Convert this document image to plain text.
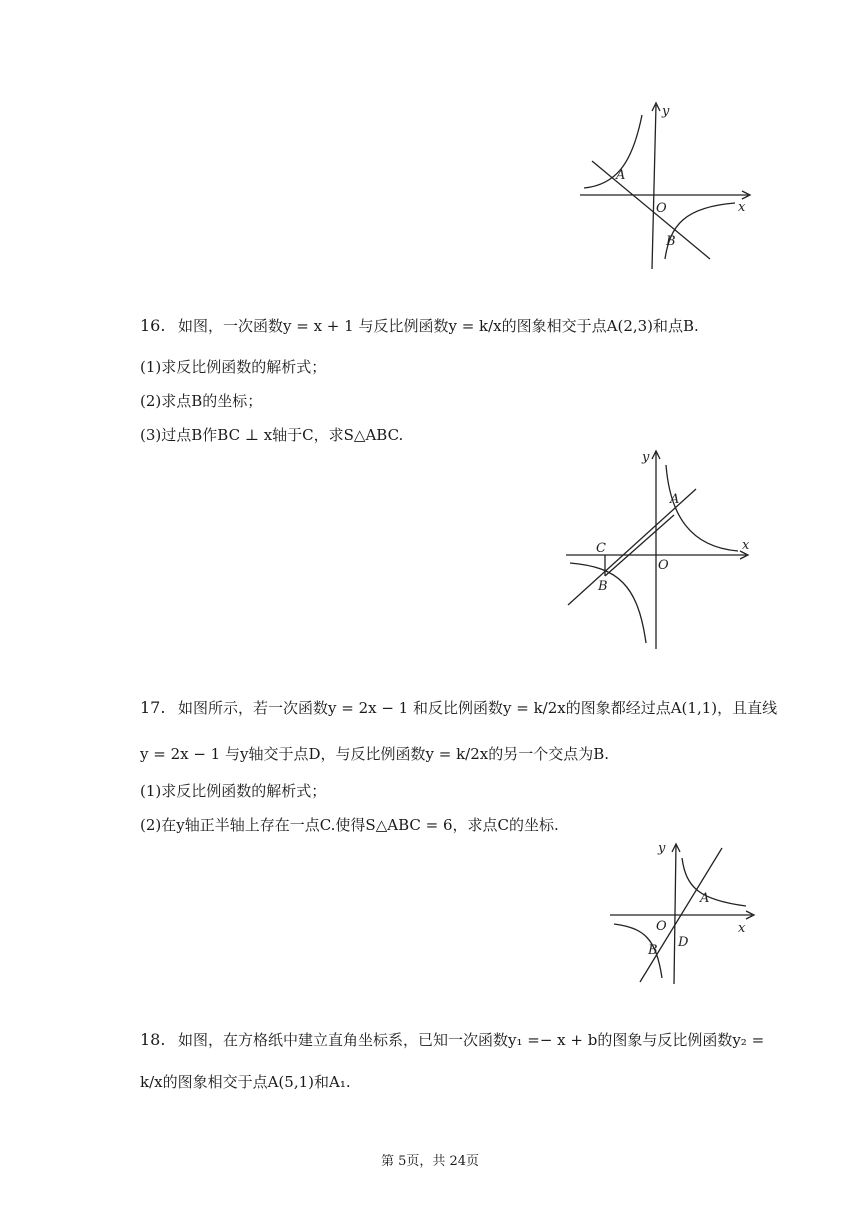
y
x
A
O
B
16. 如图，一次函数y = x + 1 与反比例函数y = k/x的图象相交于点A(2,3)和点B.
(1)求反比例函数的解析式；
(2)求点B的坐标；
(3)过点B作BC ⊥ x轴于C，求S△ABC.
y
x
A
C
O
B
17. 如图所示，若一次函数y = 2x − 1 和反比例函数y = k/2x的图象都经过点A(1,1)，且直线
y = 2x − 1 与y轴交于点D，与反比例函数y = k/2x的另一个交点为B.
(1)求反比例函数的解析式；
(2)在y轴正半轴上存在一点C.使得S△ABC = 6，求点C的坐标.
y
x
A
O
D
B
18. 如图，在方格纸中建立直角坐标系，已知一次函数y₁ =− x + b的图象与反比例函数y₂ =
k/x的图象相交于点A(5,1)和A₁.
第 5页，共 24页
